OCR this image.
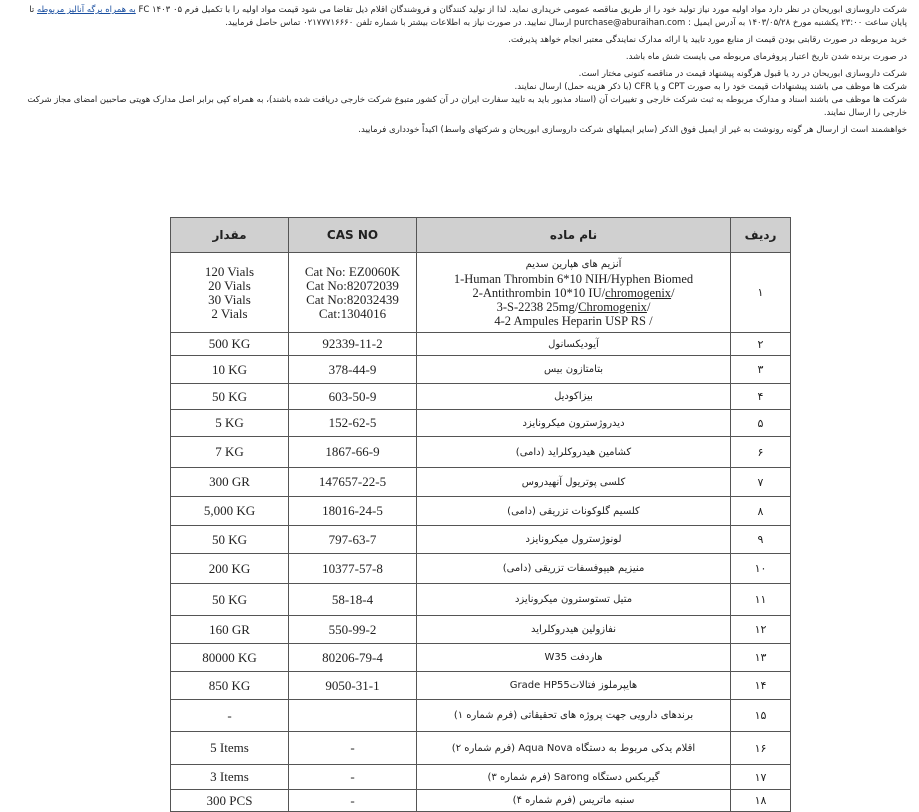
شرکت داروسازی ابوریحان در نظر دارد مواد اولیه مورد نیاز تولید خود را از طریق مناقصه عمومی خریداری نماید. لذا از تولید کنندگان و فروشندگان اقلام ذیل تقاضا می شود قیمت مواد اولیه را با تکمیل فرم FC ۱۴۰۳ ۰۵ به همراه برگه آنالیز مربوطه تا پایان ساعت ۲۳:۰۰ یکشنبه مورخ ۱۴۰۳/۰۵/۲۸ به آدرس ایمیل : purchase@aburaihan.com ارسال نمایید. در صورت نیاز به اطلاعات بیشتر با شماره تلفن ۰۲۱۷۷۷۱۶۶۶۰ تماس حاصل فرمایید.

خرید مربوطه در صورت رقابتی بودن قیمت از منابع مورد تایید یا ارائه مدارک نمایندگی معتبر انجام خواهد پذیرفت.

در صورت برنده شدن تاریخ اعتبار پروفرمای مربوطه می بایست شش ماه باشد.

شرکت داروسازی ابوریحان در رد یا قبول هرگونه پیشنهاد قیمت در مناقصه کنونی مختار است.

شرکت ها موظف می باشند پیشنهادات قیمت خود را به صورت CPT و یا CFR (با ذکر هزینه حمل) ارسال نمایند.

شرکت ها موظف می باشند اسناد و مدارک مربوطه به ثبت شرکت خارجی و تغییرات آن (اسناد مذبور باید به تایید سفارت ایران در آن کشور متبوع شرکت خارجی دریافت شده باشند)، به همراه کپی برابر اصل مدارک هویتی صاحبین امضای مجاز شرکت خارجی را ارسال نمایند.

خواهشمند است از ارسال هر گونه رونوشت به غیر از ایمیل فوق الذکر (سایر ایمیلهای شرکت داروسازی ابوریحان و شرکتهای واسط) اکیداً خودداری فرمایید.

مقدار	CAS NO	نام ماده	ردیف

120 Vials
20 Vials
30 Vials
2 Vials	Cat No: EZ0060K
Cat No:82072039
Cat No:82032439
Cat:1304016	آنزیم های هپارین سدیم
1-Human Thrombin 6*10 NIH/Hyphen Biomed
2-Antithrombin 10*10 IU/chromogenix/
3-S-2238 25mg/Chromogenix/
4-2 Ampules Heparin USP RS /	۱
500 KG	92339-11-2	آیودیکسانول	۲
10 KG	378-44-9	بتامتازون بیس	۳
50 KG	603-50-9	بیزاکودیل	۴
5 KG	152-62-5	دیدروژسترون میکرونایزد	۵
7 KG	1867-66-9	کشامین هیدروکلراید (دامی)	۶
300 GR	147657-22-5	کلسی پوتریول آنهیدروس	۷
5,000 KG	18016-24-5	کلسیم گلوکونات تزریقی (دامی)	۸
50 KG	797-63-7	لونوژسترول میکرونایزد	۹
200 KG	10377-57-8	منیزیم هیپوفسفات تزریقی (دامی)	۱۰
50 KG	58-18-4	متیل تستوسترون میکرونایزد	۱۱
160 GR	550-99-2	نفازولین هیدروکلراید	۱۲
80000 KG	80206-79-4	هاردفت W35	۱۳
850 KG	9050-31-1	هایپرملوز فتالاتGrade HP55	۱۴
-		برندهای دارویی جهت پروژه های تحقیقاتی (فرم شماره ۱)	۱۵
5 Items	-	اقلام یدکی مربوط به دستگاه Aqua Nova (فرم شماره ۲)	۱۶
3 Items	-	گیربکس دستگاه Sarong (فرم شماره ۳)	۱۷
300 PCS	-	سنبه ماتریس (فرم شماره ۴)	۱۸
